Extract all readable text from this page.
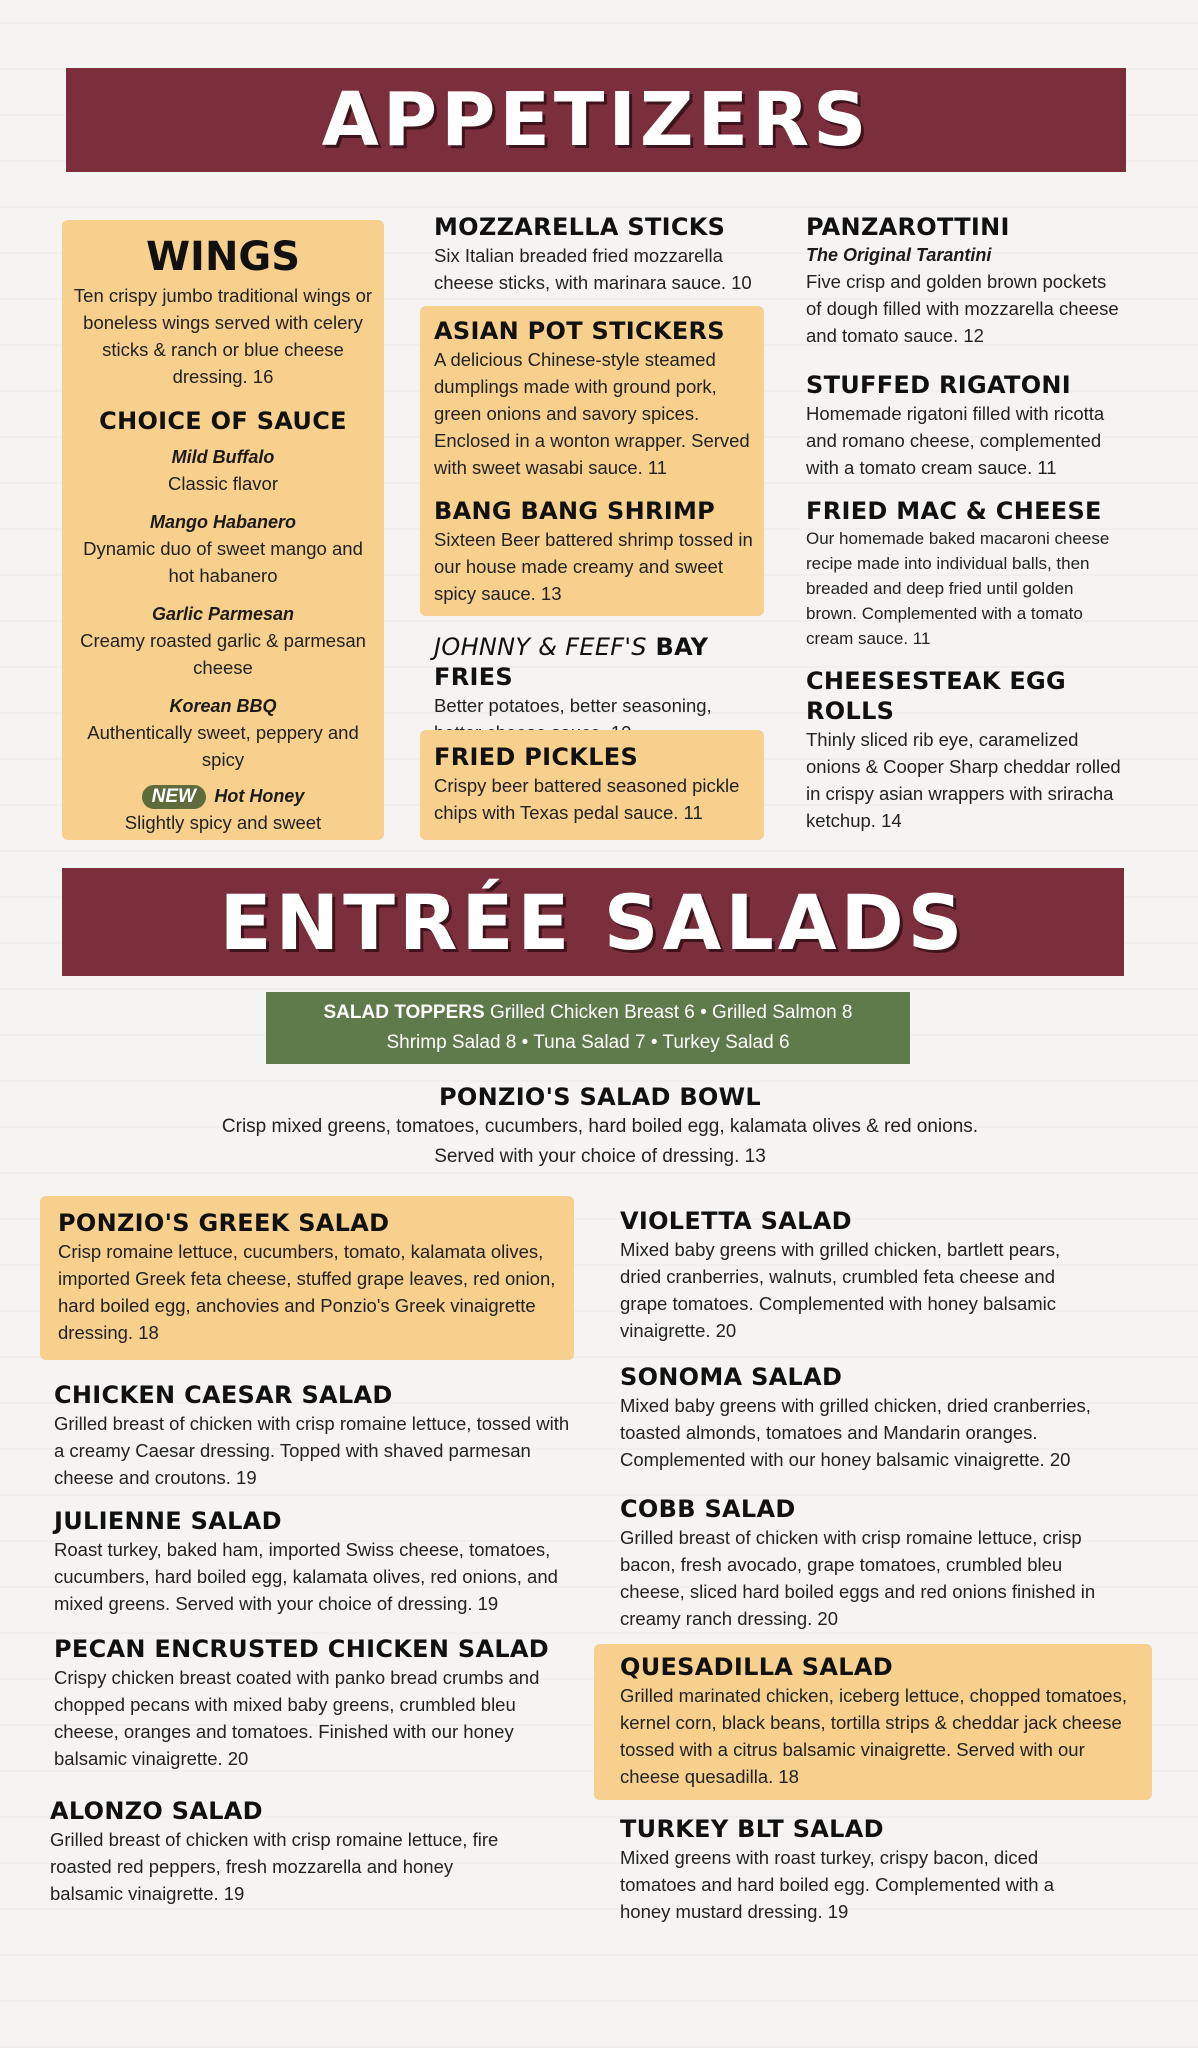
APPETIZERS
WINGS
Ten crispy jumbo traditional wings or boneless wings served with celery sticks & ranch or blue cheese dressing. 16
CHOICE OF SAUCE
Mild Buffalo
Classic flavor
Mango Habanero
Dynamic duo of sweet mango and hot habanero
Garlic Parmesan
Creamy roasted garlic & parmesan cheese
Korean BBQ
Authentically sweet, peppery and spicy
NEW Hot Honey
Slightly spicy and sweet
MOZZARELLA STICKS
Six Italian breaded fried mozzarella cheese sticks, with marinara sauce. 10
ASIAN POT STICKERS
A delicious Chinese-style steamed dumplings made with ground pork, green onions and savory spices. Enclosed in a wonton wrapper. Served with sweet wasabi sauce. 11
BANG BANG SHRIMP
Sixteen Beer battered shrimp tossed in our house made creamy and sweet spicy sauce. 13
JOHNNY & FEEF'S BAY FRIES
Better potatoes, better seasoning,
FRIED PICKLES
Crispy beer battered seasoned pickle chips with Texas pedal sauce. 11
PANZAROTTINI
The Original Tarantini
Five crisp and golden brown pockets of dough filled with mozzarella cheese and tomato sauce. 12
STUFFED RIGATONI
Homemade rigatoni filled with ricotta and romano cheese, complemented with a tomato cream sauce. 11
FRIED MAC & CHEESE
Our homemade baked macaroni cheese recipe made into individual balls, then breaded and deep fried until golden brown. Complemented with a tomato cream sauce. 11
CHEESESTEAK EGG ROLLS
Thinly sliced rib eye, caramelized onions & Cooper Sharp cheddar rolled in crispy asian wrappers with sriracha ketchup. 14
ENTRÉE SALADS
SALAD TOPPERS Grilled Chicken Breast 6 • Grilled Salmon 8
Shrimp Salad 8 • Tuna Salad 7 • Turkey Salad 6
PONZIO'S SALAD BOWL
Crisp mixed greens, tomatoes, cucumbers, hard boiled egg, kalamata olives & red onions.
Served with your choice of dressing. 13
PONZIO'S GREEK SALAD
Crisp romaine lettuce, cucumbers, tomato, kalamata olives, imported Greek feta cheese, stuffed grape leaves, red onion, hard boiled egg, anchovies and Ponzio's Greek vinaigrette dressing. 18
CHICKEN CAESAR SALAD
Grilled breast of chicken with crisp romaine lettuce, tossed with a creamy Caesar dressing. Topped with shaved parmesan cheese and croutons. 19
JULIENNE SALAD
Roast turkey, baked ham, imported Swiss cheese, tomatoes, cucumbers, hard boiled egg, kalamata olives, red onions, and mixed greens. Served with your choice of dressing. 19
PECAN ENCRUSTED CHICKEN SALAD
Crispy chicken breast coated with panko bread crumbs and chopped pecans with mixed baby greens, crumbled bleu cheese, oranges and tomatoes. Finished with our honey balsamic vinaigrette. 20
ALONZO SALAD
Grilled breast of chicken with crisp romaine lettuce, fire roasted red peppers, fresh mozzarella and honey balsamic vinaigrette. 19
VIOLETTA SALAD
Mixed baby greens with grilled chicken, bartlett pears, dried cranberries, walnuts, crumbled feta cheese and grape tomatoes. Complemented with honey balsamic vinaigrette. 20
SONOMA SALAD
Mixed baby greens with grilled chicken, dried cranberries, toasted almonds, tomatoes and Mandarin oranges. Complemented with our honey balsamic vinaigrette. 20
COBB SALAD
Grilled breast of chicken with crisp romaine lettuce, crisp bacon, fresh avocado, grape tomatoes, crumbled bleu cheese, sliced hard boiled eggs and red onions finished in creamy ranch dressing. 20
QUESADILLA SALAD
Grilled marinated chicken, iceberg lettuce, chopped tomatoes, kernel corn, black beans, tortilla strips & cheddar jack cheese tossed with a citrus balsamic vinaigrette. Served with our cheese quesadilla. 18
TURKEY BLT SALAD
Mixed greens with roast turkey, crispy bacon, diced tomatoes and hard boiled egg. Complemented with a honey mustard dressing. 19
